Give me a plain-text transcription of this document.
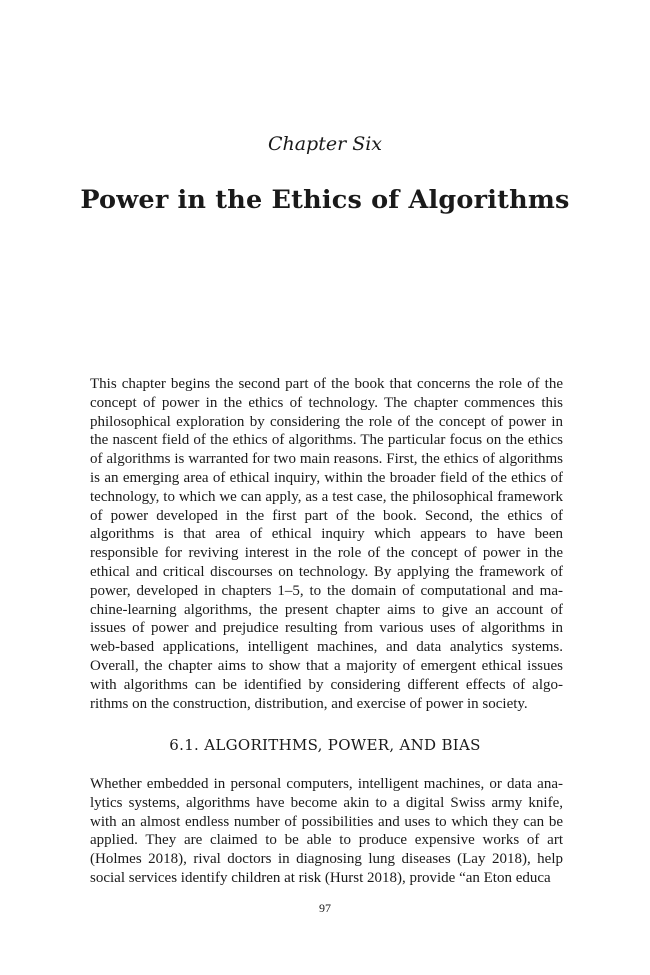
Chapter Six
Power in the Ethics of Algorithms

This chapter begins the second part of the book that concerns the role of the concept of power in the ethics of technology. The chapter commences this philosophical exploration by considering the role of the concept of power in the nascent field of the ethics of algorithms. The particular focus on the ethics of algorithms is warranted for two main reasons. First, the ethics of algorithms is an emerging area of ethical inquiry, within the broader field of the ethics of technology, to which we can apply, as a test case, the philosophical framework of power developed in the first part of the book. Second, the ethics of algorithms is that area of ethical inquiry which appears to have been responsible for reviving interest in the role of the concept of power in the ethical and critical discourses on technology. By applying the framework of power, developed in chapters 1–5, to the domain of computational and machine-learning algorithms, the present chapter aims to give an account of issues of power and prejudice resulting from various uses of algorithms in web-based applications, intelligent machines, and data analytics systems. Overall, the chapter aims to show that a majority of emergent ethical issues with algorithms can be identified by considering different effects of algorithms on the construction, distribution, and exercise of power in society.

6.1. ALGORITHMS, POWER, AND BIAS

Whether embedded in personal computers, intelligent machines, or data analytics systems, algorithms have become akin to a digital Swiss army knife, with an almost endless number of possibilities and uses to which they can be applied. They are claimed to be able to produce expensive works of art (Holmes 2018), rival doctors in diagnosing lung diseases (Lay 2018), help social services identify children at risk (Hurst 2018), provide “an Eton educa

97
